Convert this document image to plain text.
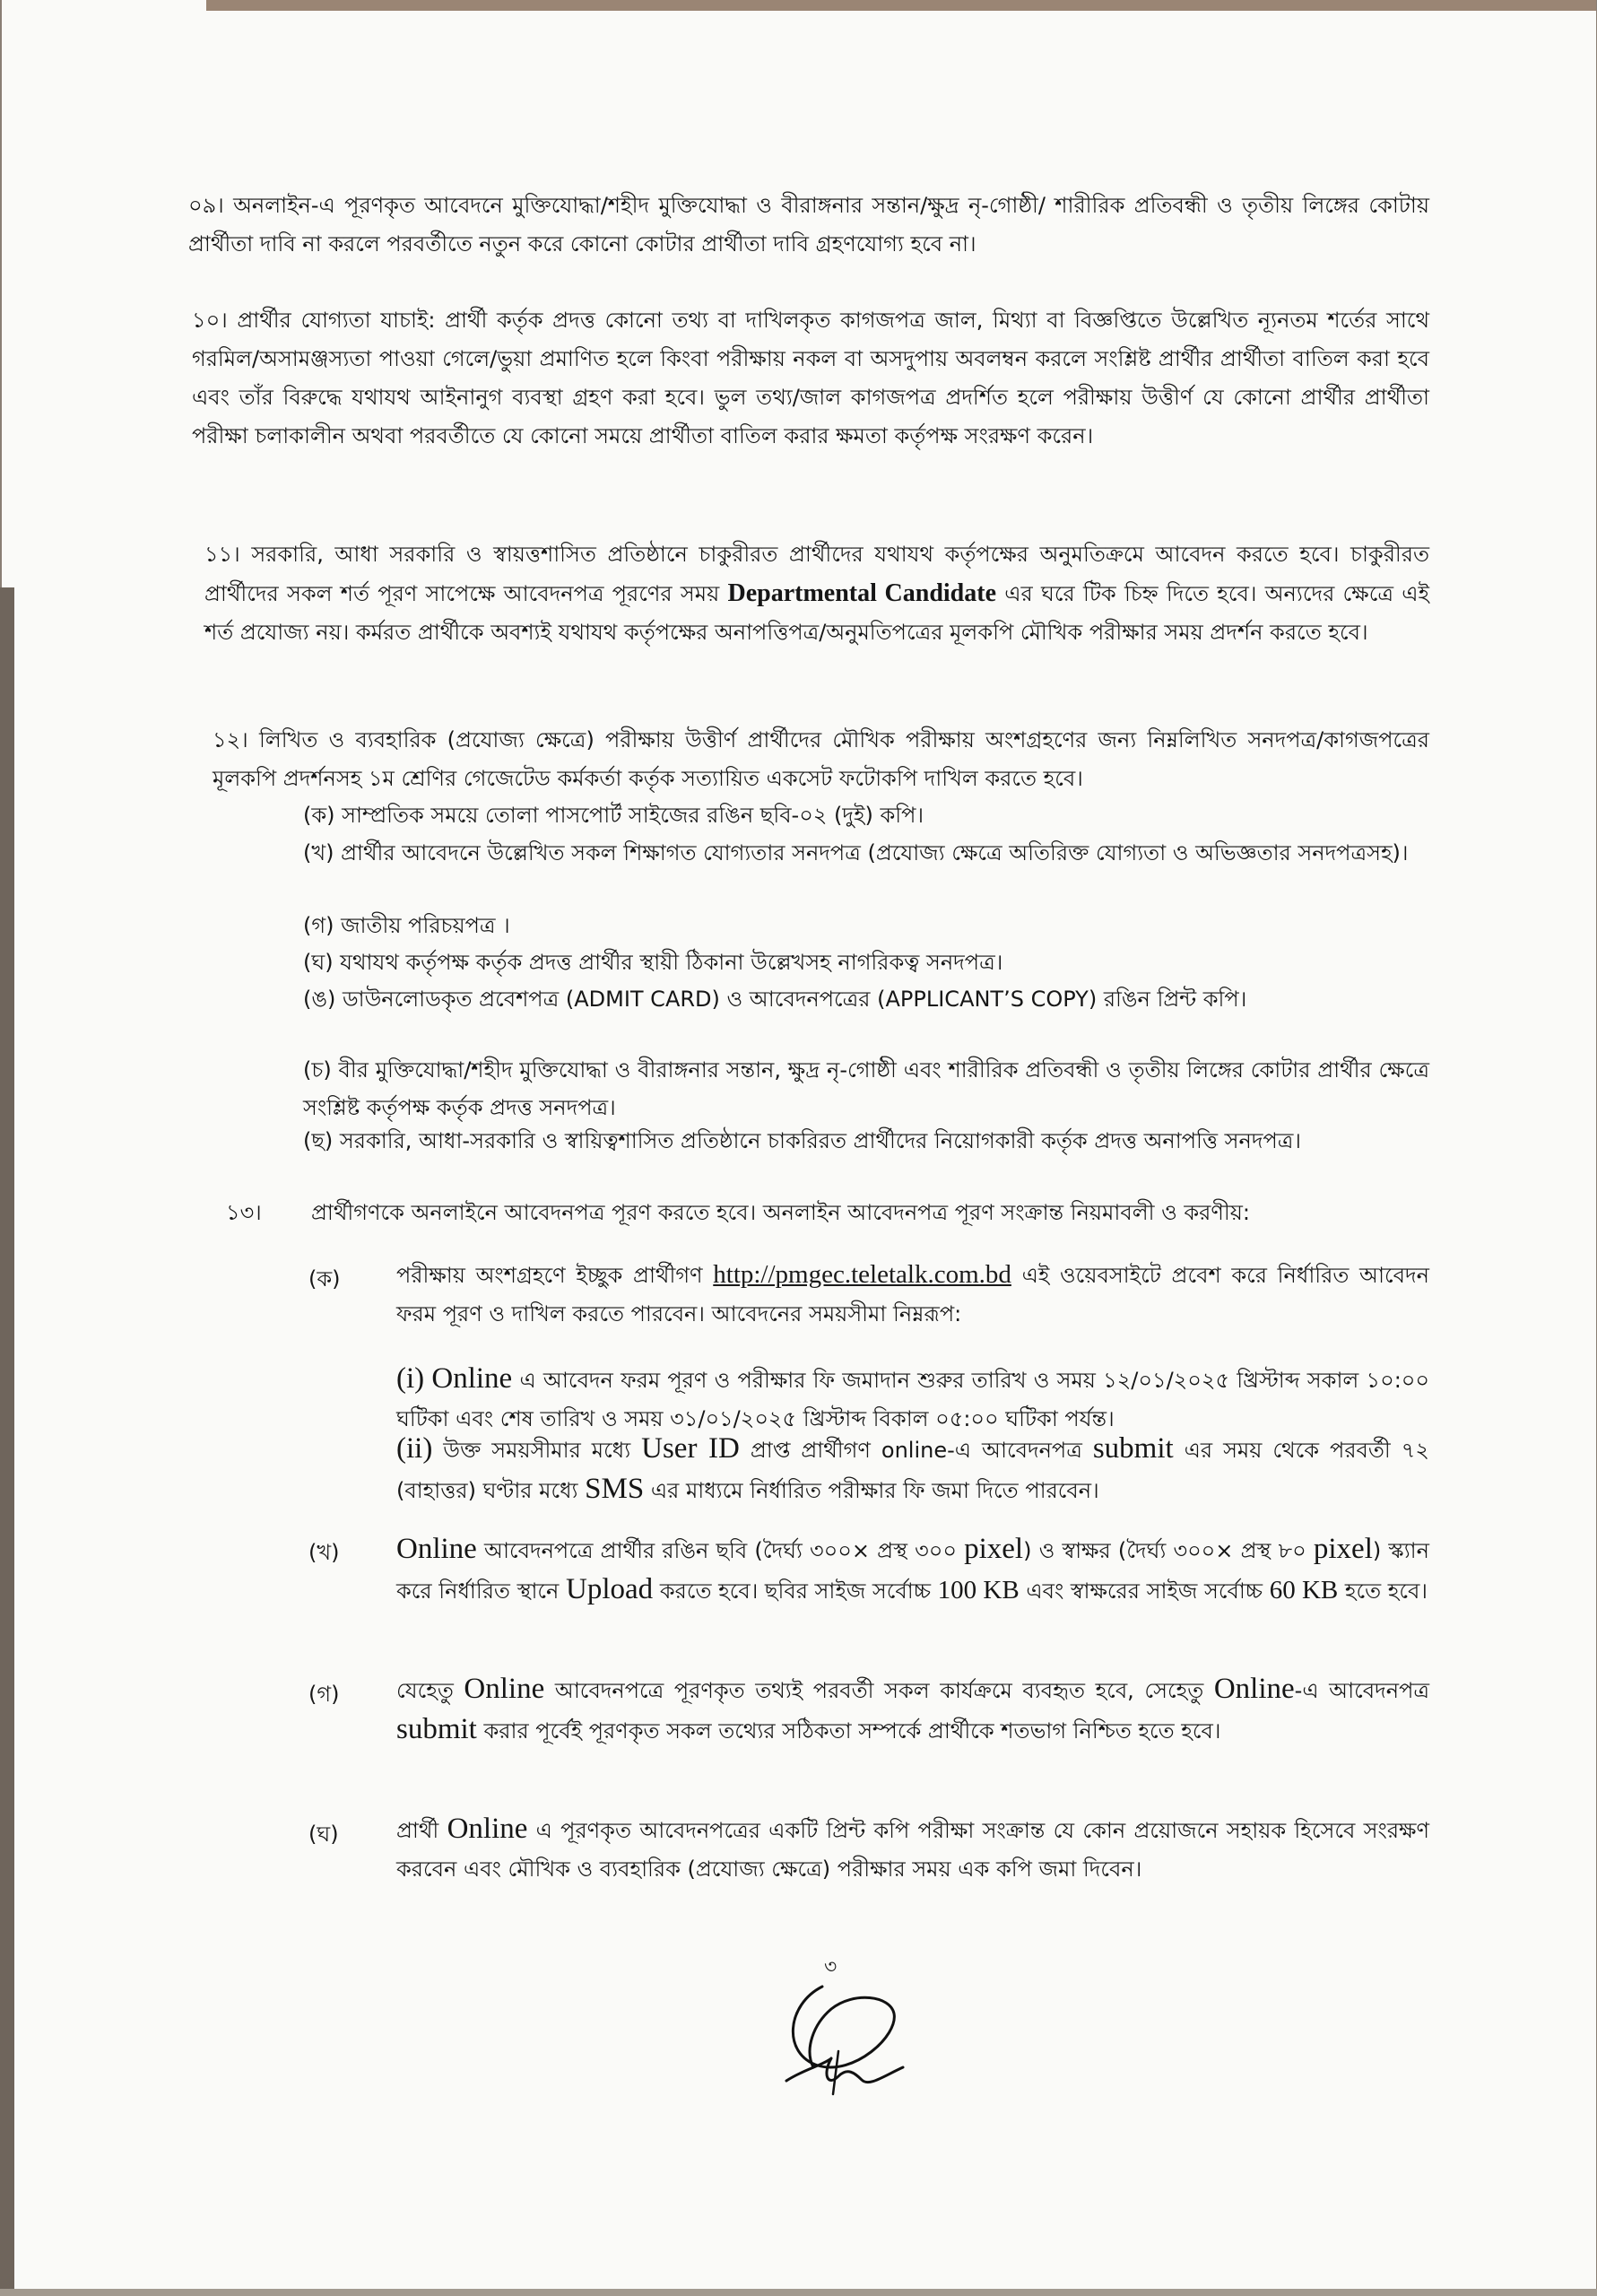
০৯। অনলাইন-এ পূরণকৃত আবেদনে মুক্তিযোদ্ধা/শহীদ মুক্তিযোদ্ধা ও বীরাঙ্গনার সন্তান/ক্ষুদ্র নৃ-গোষ্ঠী/ শারীরিক প্রতিবন্ধী ও তৃতীয় লিঙ্গের কোটায় প্রার্থীতা দাবি না করলে পরবর্তীতে নতুন করে কোনো কোটার প্রার্থীতা দাবি গ্রহণযোগ্য হবে না।
১০। প্রার্থীর যোগ্যতা যাচাই: প্রার্থী কর্তৃক প্রদত্ত কোনো তথ্য বা দাখিলকৃত কাগজপত্র জাল, মিথ্যা বা বিজ্ঞপ্তিতে উল্লেখিত ন্যূনতম শর্তের সাথে গরমিল/অসামঞ্জস্যতা পাওয়া গেলে/ভুয়া প্রমাণিত হলে কিংবা পরীক্ষায় নকল বা অসদুপায় অবলম্বন করলে সংশ্লিষ্ট প্রার্থীর প্রার্থীতা বাতিল করা হবে এবং তাঁর বিরুদ্ধে যথাযথ আইনানুগ ব্যবস্থা গ্রহণ করা হবে। ভুল তথ্য/জাল কাগজপত্র প্রদর্শিত হলে পরীক্ষায় উত্তীর্ণ যে কোনো প্রার্থীর প্রার্থীতা পরীক্ষা চলাকালীন অথবা পরবর্তীতে যে কোনো সময়ে প্রার্থীতা বাতিল করার ক্ষমতা কর্তৃপক্ষ সংরক্ষণ করেন।
১১। সরকারি, আধা সরকারি ও স্বায়ত্তশাসিত প্রতিষ্ঠানে চাকুরীরত প্রার্থীদের যথাযথ কর্তৃপক্ষের অনুমতিক্রমে আবেদন করতে হবে। চাকুরীরত প্রার্থীদের সকল শর্ত পূরণ সাপেক্ষে আবেদনপত্র পূরণের সময় Departmental Candidate এর ঘরে টিক চিহ্ন দিতে হবে। অন্যদের ক্ষেত্রে এই শর্ত প্রযোজ্য নয়। কর্মরত প্রার্থীকে অবশ্যই যথাযথ কর্তৃপক্ষের অনাপত্তিপত্র/অনুমতিপত্রের মূলকপি মৌখিক পরীক্ষার সময় প্রদর্শন করতে হবে।
১২। লিখিত ও ব্যবহারিক (প্রযোজ্য ক্ষেত্রে) পরীক্ষায় উত্তীর্ণ প্রার্থীদের মৌখিক পরীক্ষায় অংশগ্রহণের জন্য নিম্নলিখিত সনদপত্র/কাগজপত্রের মূলকপি প্রদর্শনসহ ১ম শ্রেণির গেজেটেড কর্মকর্তা কর্তৃক সত্যায়িত একসেট ফটোকপি দাখিল করতে হবে।
(ক) সাম্প্রতিক সময়ে তোলা পাসপোর্ট সাইজের রঙিন ছবি-০২ (দুই) কপি।
(খ) প্রার্থীর আবেদনে উল্লেখিত সকল শিক্ষাগত যোগ্যতার সনদপত্র (প্রযোজ্য ক্ষেত্রে অতিরিক্ত যোগ্যতা ও অভিজ্ঞতার সনদপত্রসহ)।
(গ) জাতীয় পরিচয়পত্র ।
(ঘ) যথাযথ কর্তৃপক্ষ কর্তৃক প্রদত্ত প্রার্থীর স্থায়ী ঠিকানা উল্লেখসহ নাগরিকত্ব সনদপত্র।
(ঙ) ডাউনলোডকৃত প্রবেশপত্র (ADMIT CARD) ও আবেদনপত্রের (APPLICANT’S COPY) রঙিন প্রিন্ট কপি।
(চ) বীর মুক্তিযোদ্ধা/শহীদ মুক্তিযোদ্ধা ও বীরাঙ্গনার সন্তান, ক্ষুদ্র নৃ-গোষ্ঠী এবং শারীরিক প্রতিবন্ধী ও তৃতীয় লিঙ্গের কোটার প্রার্থীর ক্ষেত্রে সংশ্লিষ্ট কর্তৃপক্ষ কর্তৃক প্রদত্ত সনদপত্র।
(ছ) সরকারি, আধা-সরকারি ও স্বায়িত্বশাসিত প্রতিষ্ঠানে চাকরিরত প্রার্থীদের নিয়োগকারী কর্তৃক প্রদত্ত অনাপত্তি সনদপত্র।
১৩। প্রার্থীগণকে অনলাইনে আবেদনপত্র পূরণ করতে হবে। অনলাইন আবেদনপত্র পূরণ সংক্রান্ত নিয়মাবলী ও করণীয়:
(ক)	পরীক্ষায় অংশগ্রহণে ইচ্ছুক প্রার্থীগণ http://pmgec.teletalk.com.bd এই ওয়েবসাইটে প্রবেশ করে নির্ধারিত আবেদন ফরম পূরণ ও দাখিল করতে পারবেন। আবেদনের সময়সীমা নিম্নরূপ:
(i) Online এ আবেদন ফরম পূরণ ও পরীক্ষার ফি জমাদান শুরুর তারিখ ও সময় ১২/০১/২০২৫ খ্রিস্টাব্দ সকাল ১০:০০ ঘটিকা এবং শেষ তারিখ ও সময় ৩১/০১/২০২৫ খ্রিস্টাব্দ বিকাল ০৫:০০ ঘটিকা পর্যন্ত।
(ii) উক্ত সময়সীমার মধ্যে User ID প্রাপ্ত প্রার্থীগণ online-এ আবেদনপত্র submit এর সময় থেকে পরবর্তী ৭২ (বাহাত্তর) ঘণ্টার মধ্যে SMS এর মাধ্যমে নির্ধারিত পরীক্ষার ফি জমা দিতে পারবেন।
(খ) Online আবেদনপত্রে প্রার্থীর রঙিন ছবি (দৈর্ঘ্য ৩০০× প্রস্থ ৩০০ pixel) ও স্বাক্ষর (দৈর্ঘ্য ৩০০× প্রস্থ ৮০ pixel) স্ক্যান করে নির্ধারিত স্থানে Upload করতে হবে। ছবির সাইজ সর্বোচ্চ 100 KB এবং স্বাক্ষরের সাইজ সর্বোচ্চ 60 KB হতে হবে।
(গ)	যেহেতু Online আবেদনপত্রে পূরণকৃত তথ্যই পরবর্তী সকল কার্যক্রমে ব্যবহৃত হবে, সেহেতু Online-এ আবেদনপত্র submit করার পূর্বেই পূরণকৃত সকল তথ্যের সঠিকতা সম্পর্কে প্রার্থীকে শতভাগ নিশ্চিত হতে হবে।
(ঘ)	প্রার্থী Online এ পূরণকৃত আবেদনপত্রের একটি প্রিন্ট কপি পরীক্ষা সংক্রান্ত যে কোন প্রয়োজনে সহায়ক হিসেবে সংরক্ষণ করবেন এবং মৌখিক ও ব্যবহারিক (প্রযোজ্য ক্ষেত্রে) পরীক্ষার সময় এক কপি জমা দিবেন।
৩
